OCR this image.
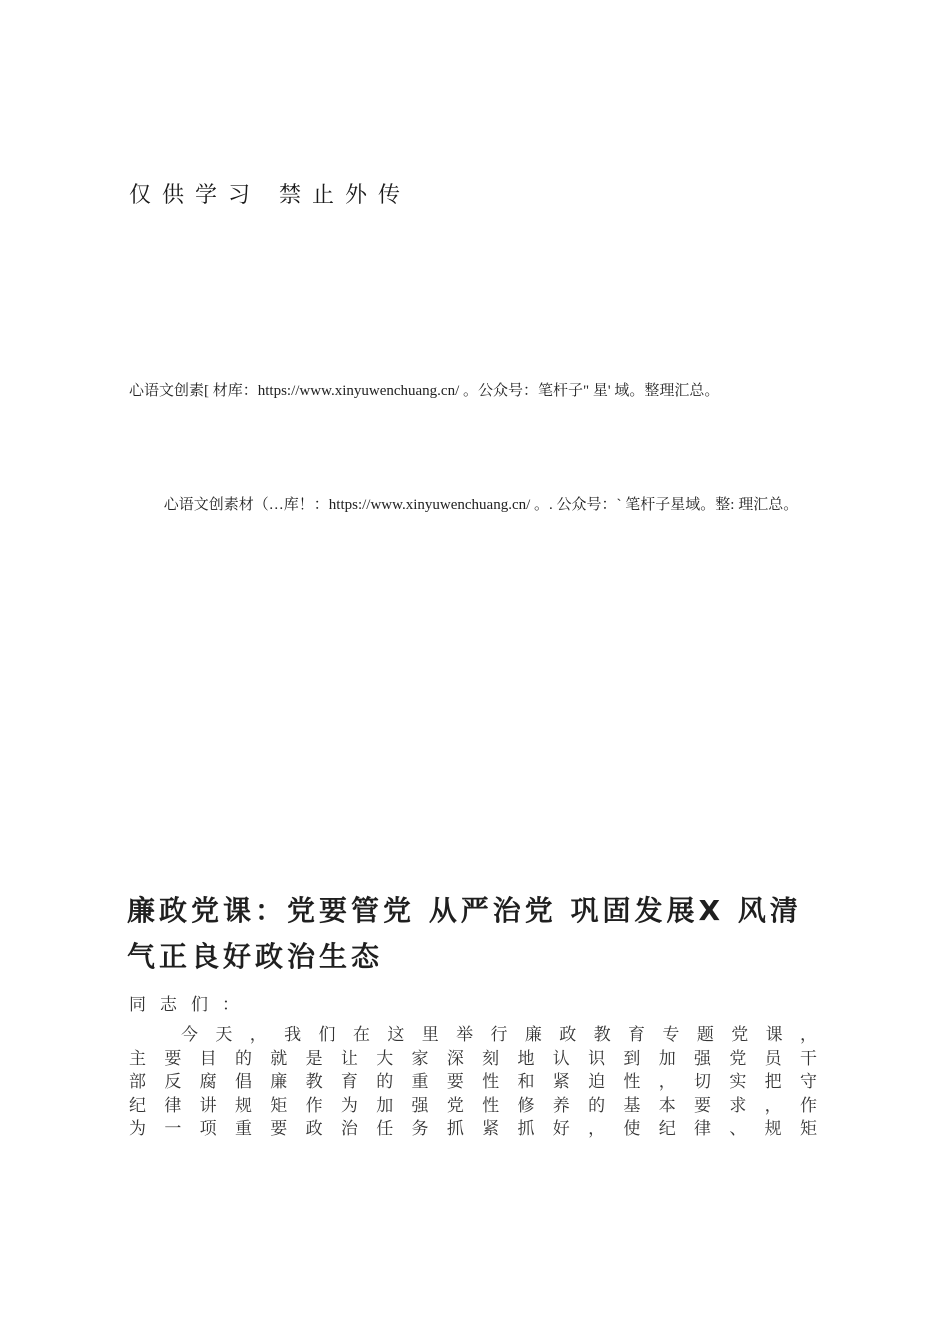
仅供学习 禁止外传
心语文创素[ 材库：https://www.xinyuwenchuang.cn/ 。公众号：笔杆子" 星' 域。整理汇总。
心语文创素材（…库！：https://www.xinyuwenchuang.cn/ 。. 公众号：` 笔杆子星域。整: 理汇总。
廉政党课：党要管党 从严治党 巩固发展X 风清气正良好政治生态

同志们：

今 天 ， 我 们 在 这 里 举 行 廉 政 教 育 专 题 党 课 ，
主 要 目 的 就 是 让 大 家 深 刻 地 认 识 到 加 强 党 员 干
部 反 腐 倡 廉 教 育 的 重 要 性 和 紧 迫 性 ， 切 实 把 守
纪 律 讲 规 矩 作 为 加 强 党 性 修 养 的 基 本 要 求 ， 作
为 一 项 重 要 政 治 任 务 抓 紧 抓 好 ， 使 纪 律 、 规 矩
